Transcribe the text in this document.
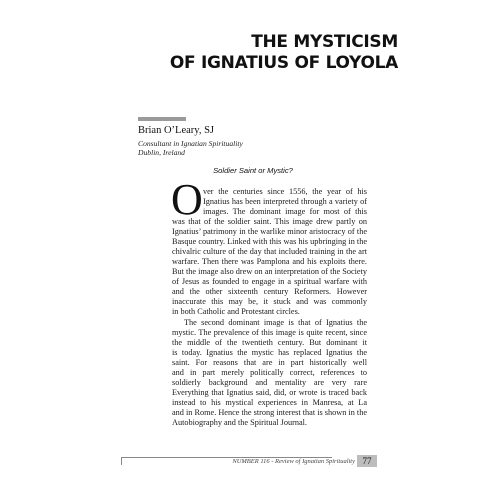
THE MYSTICISM
OF IGNATIUS OF LOYOLA
Brian O’Leary, SJ
Consultant in Ignatian Spirituality
Dublin, Ireland
Soldier Saint or Mystic?
O ver the centuries since 1556, the year of his

Ignatius has been interpreted through a variety of

images. The dominant image for most of this

was that of the soldier saint. This image drew partly on

Ignatius’ patrimony in the warlike minor aristocracy of the

Basque country. Linked with this was his upbringing in the

chivalric culture of the day that included training in the art

warfare. Then there was Pamplona and his exploits there.

But the image also drew on an interpretation of the Society

of Jesus as founded to engage in a spiritual warfare with

and the other sixteenth century Reformers. However

inaccurate this may be, it stuck and was commonly

in both Catholic and Protestant circles.

The second dominant image is that of Ignatius the

mystic. The prevalence of this image is quite recent, since

the middle of the twentieth century. But dominant it

is today. Ignatius the mystic has replaced Ignatius the

saint. For reasons that are in part historically well

and in part merely politically correct, references to

soldierly background and mentality are very rare

Everything that Ignatius said, did, or wrote is traced back

instead to his mystical experiences in Manresa, at La

and in Rome. Hence the strong interest that is shown in the

Autobiography and the Spiritual Journal.

NUMBER 116 - Review of Ignatian Spirituality 77
